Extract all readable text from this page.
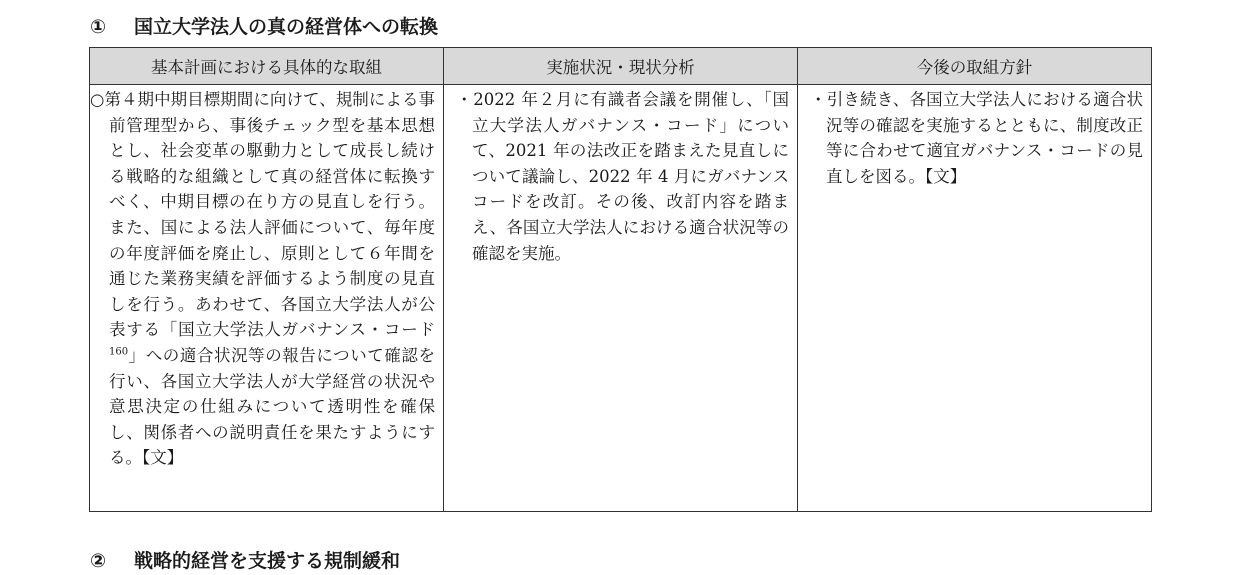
① 国立大学法人の真の経営体への転換
基本計画における具体的な取組	実施状況・現状分析	今後の取組方針

○第４期中期目標期間に向けて、規制による事前管理型から、事後チェック型を基本思想とし、社会変革の駆動力として成長し続ける戦略的な組織として真の経営体に転換すべく、中期目標の在り方の見直しを行う。また、国による法人評価について、毎年度の年度評価を廃止し、原則として６年間を通じた業務実績を評価するよう制度の見直しを行う。あわせて、各国立大学法人が公表する「国立大学法人ガバナンス・コード$^{160}$」への適合状況等の報告について確認を行い、各国立大学法人が大学経営の状況や意思決定の仕組みについて透明性を確保し、関係者への説明責任を果たすようにする。【文】	・2022 年２月に有識者会議を開催し、「国立大学法人ガバナンス・コード」について、2021 年の法改正を踏まえた見直しについて議論し、2022 年 4 月にガバナンスコードを改訂。その後、改訂内容を踏まえ、各国立大学法人における適合状況等の確認を実施。	・引き続き、各国立大学法人における適合状況等の確認を実施するとともに、制度改正等に合わせて適宜ガバナンス・コードの見直しを図る。【文】

② 戦略的経営を支援する規制緩和
